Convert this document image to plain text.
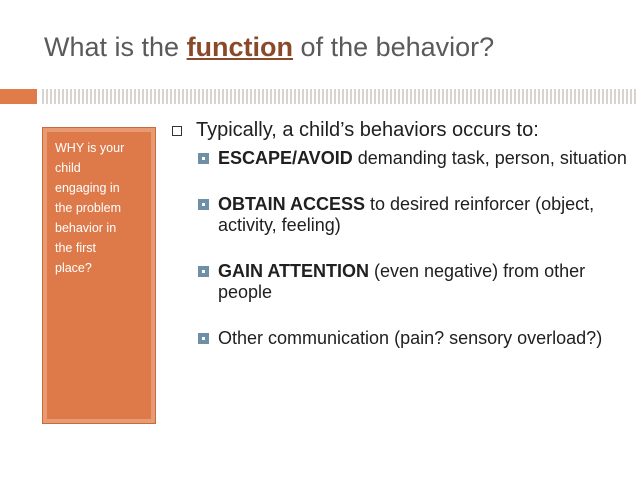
What is the function of the behavior?
WHY is your
child
engaging in
the problem
behavior in
the first
place?
Typically, a child’s behaviors occurs to:
ESCAPE/AVOID demanding task, person, situation
OBTAIN ACCESS to desired reinforcer (object, activity, feeling)
GAIN ATTENTION (even negative) from other people
Other communication (pain? sensory overload?)
